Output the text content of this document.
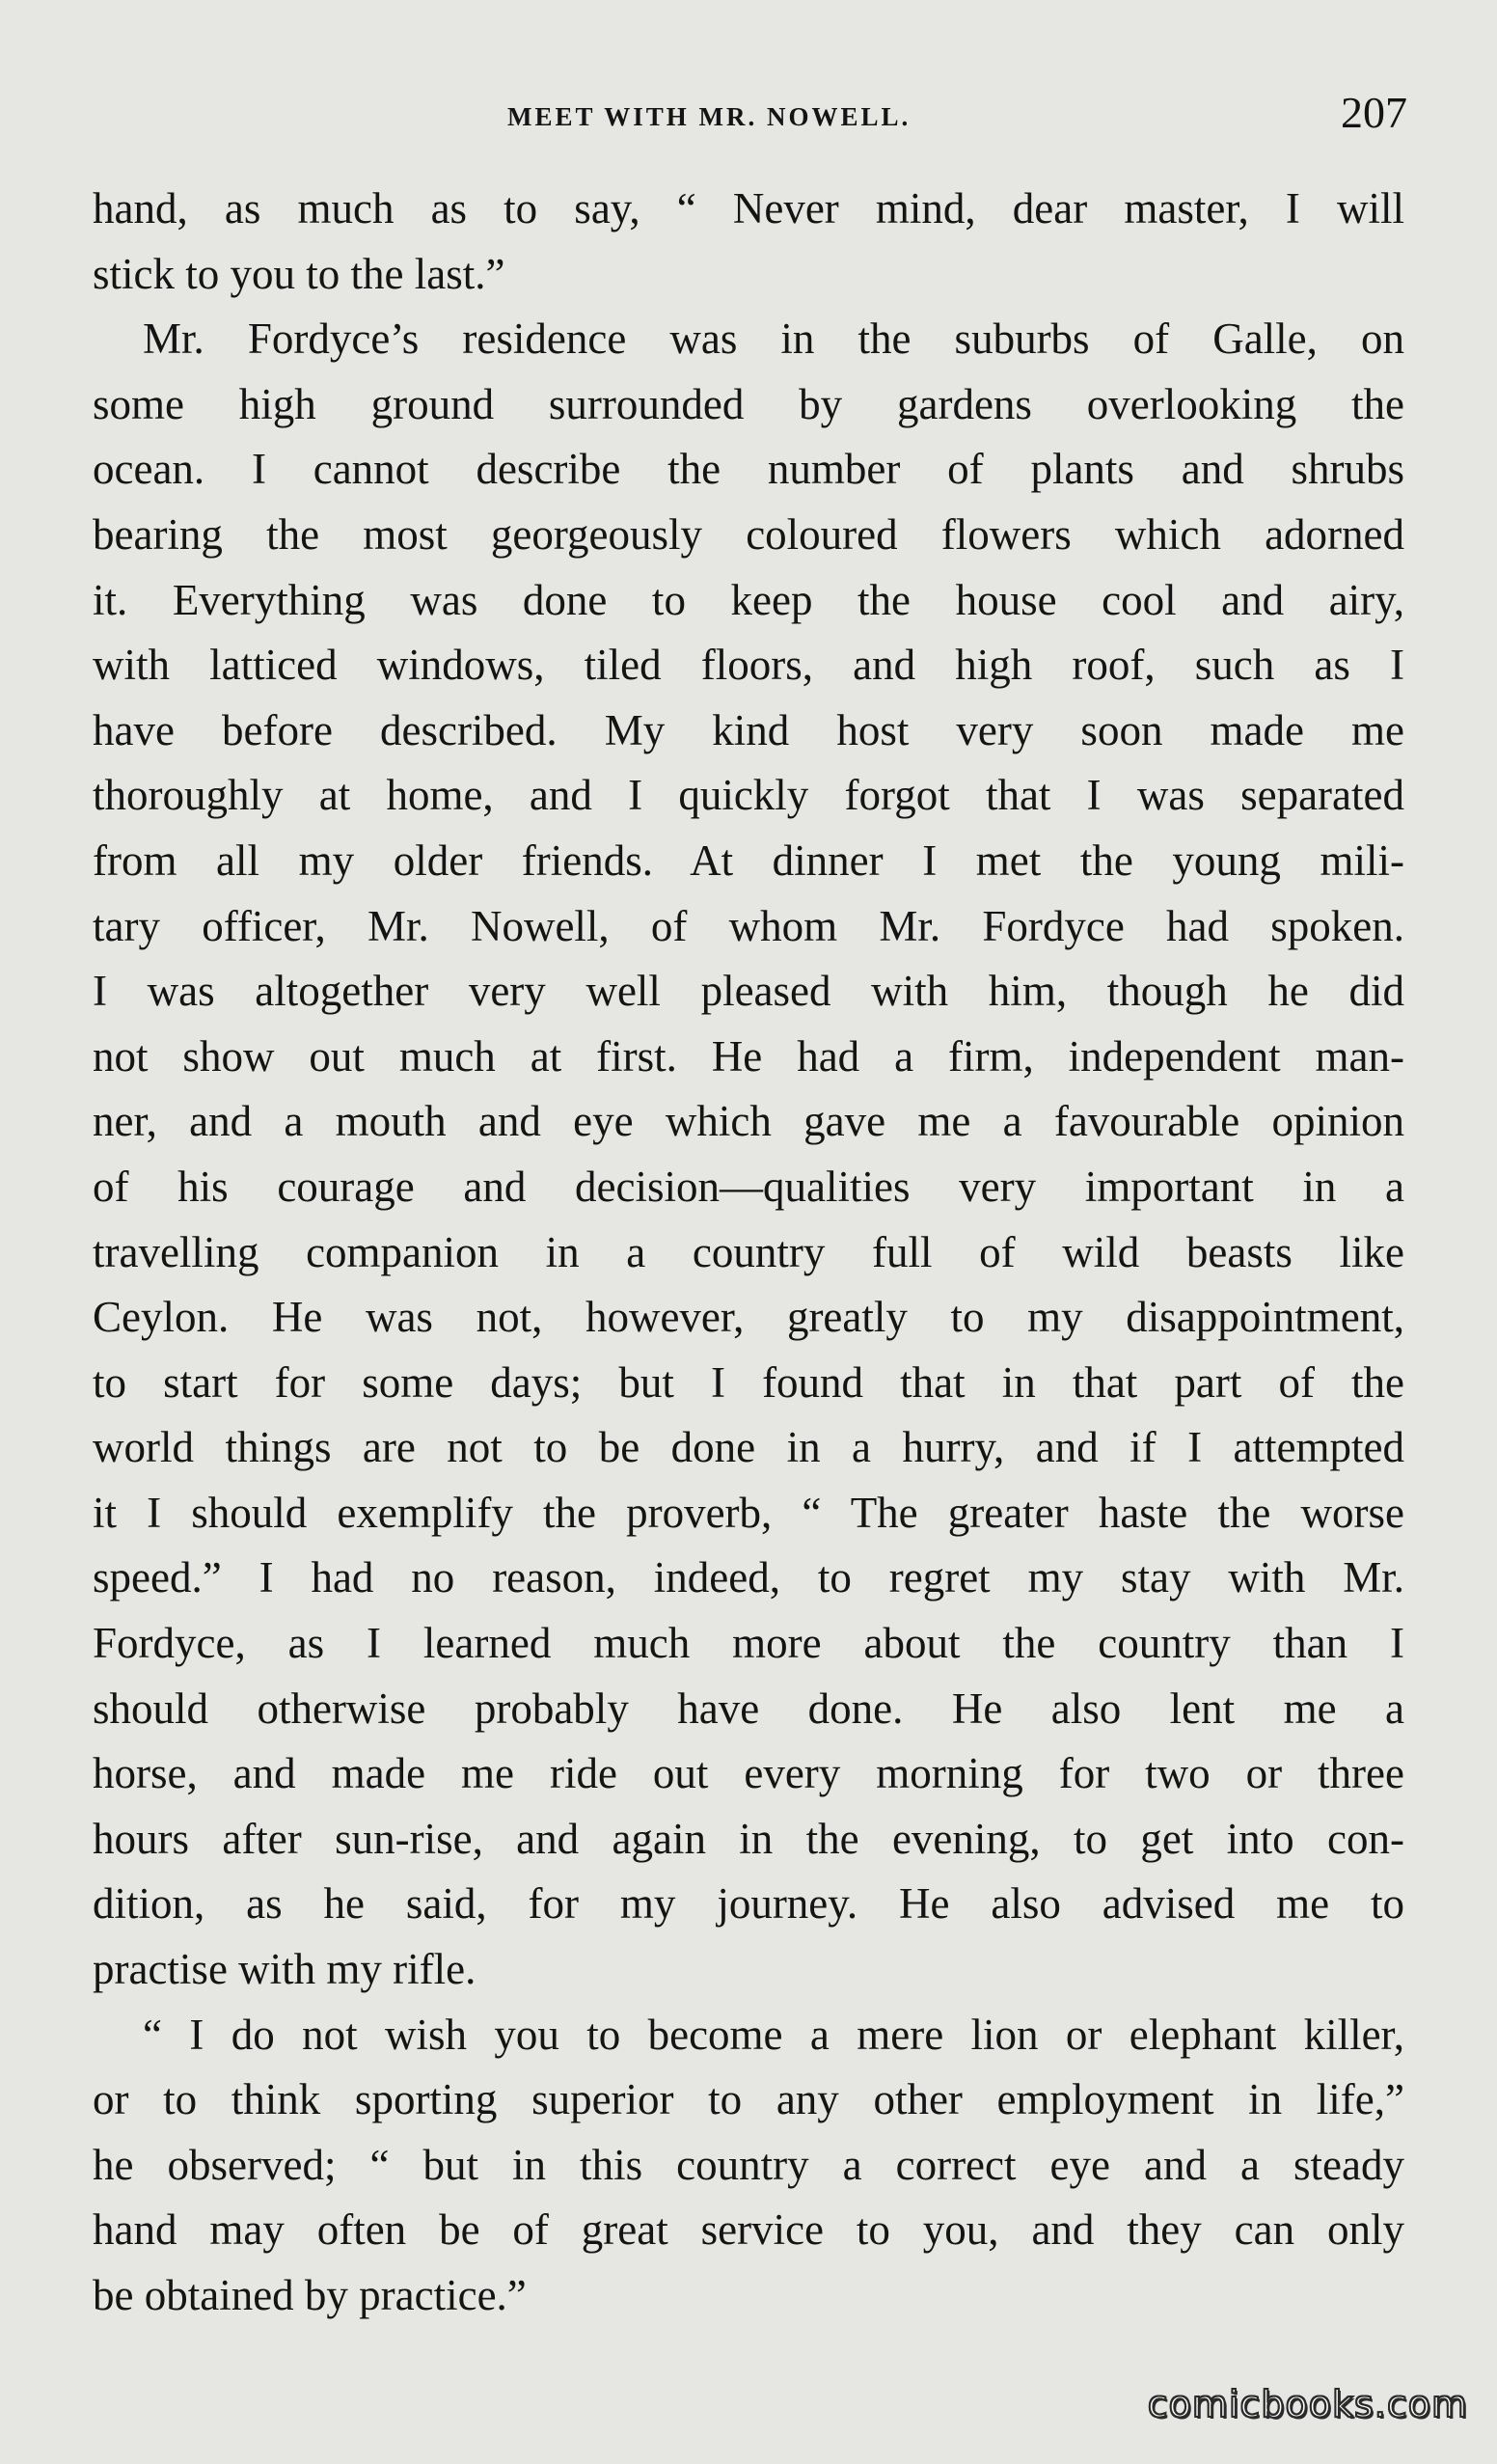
MEET WITH MR. NOWELL.	207
hand, as much as to say, “ Never mind, dear master, I will
stick to you to the last.”
Mr. Fordyce’s residence was in the suburbs of Galle, on
some high ground surrounded by gardens overlooking the
ocean. I cannot describe the number of plants and shrubs
bearing the most georgeously coloured flowers which adorned
it. Everything was done to keep the house cool and airy,
with latticed windows, tiled floors, and high roof, such as I
have before described. My kind host very soon made me
thoroughly at home, and I quickly forgot that I was separated
from all my older friends. At dinner I met the young mili-
tary officer, Mr. Nowell, of whom Mr. Fordyce had spoken.
I was altogether very well pleased with him, though he did
not show out much at first. He had a firm, independent man-
ner, and a mouth and eye which gave me a favourable opinion
of his courage and decision—qualities very important in a
travelling companion in a country full of wild beasts like
Ceylon. He was not, however, greatly to my disappointment,
to start for some days; but I found that in that part of the
world things are not to be done in a hurry, and if I attempted
it I should exemplify the proverb, “ The greater haste the worse
speed.” I had no reason, indeed, to regret my stay with Mr.
Fordyce, as I learned much more about the country than I
should otherwise probably have done. He also lent me a
horse, and made me ride out every morning for two or three
hours after sun-rise, and again in the evening, to get into con-
dition, as he said, for my journey. He also advised me to
practise with my rifle.
“ I do not wish you to become a mere lion or elephant killer,
or to think sporting superior to any other employment in life,”
he observed; “ but in this country a correct eye and a steady
hand may often be of great service to you, and they can only
be obtained by practice.”
comicbooks.com
